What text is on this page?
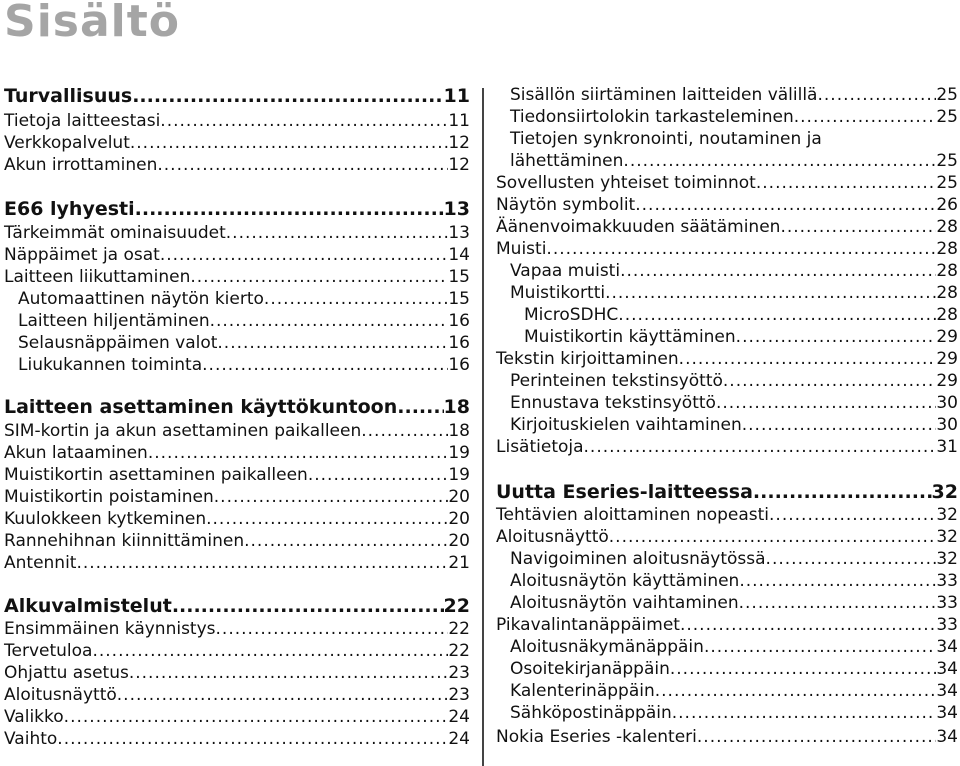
Sisältö
Turvallisuus .....	11
Tietoja laitteestasi .....	11
Verkkopalvelut .....	12
Akun irrottaminen .....	12
E66 lyhyesti .....	13
Tärkeimmät ominaisuudet .....	13
Näppäimet ja osat .....	14
Laitteen liikuttaminen .....	15
Automaattinen näytön kierto .....	15
Laitteen hiljentäminen .....	16
Selausnäppäimen valot .....	16
Liukukannen toiminta .....	16
Laitteen asettaminen käyttökuntoon ..... 18
SIM-kortin ja akun asettaminen paikalleen .....	18
Akun lataaminen .....	19
Muistikortin asettaminen paikalleen .....	19
Muistikortin poistaminen .....	20
Kuulokkeen kytkeminen .....	20
Rannehihnan kiinnittäminen .....	20
Antennit .....	21
Alkuvalmistelut .....	22
Ensimmäinen käynnistys .....	22
Tervetuloa .....	22
Ohjattu asetus .....	23
Aloitusnäyttö .....	23
Valikko .....	24
Vaihto .....	24
Sisällön siirtäminen laitteiden välillä .....	25
Tiedonsiirtolokin tarkasteleminen .....	25
Tietojen synkronointi, noutaminen ja
lähettäminen .....	25
Sovellusten yhteiset toiminnot .....	25
Näytön symbolit .....	26
Äänenvoimakkuuden säätäminen .....	28
Muisti .....	28
Vapaa muisti .....	28
Muistikortti .....	28
MicroSDHC .....	28
Muistikortin käyttäminen .....	29
Tekstin kirjoittaminen .....	29
Perinteinen tekstinsyöttö .....	29
Ennustava tekstinsyöttö .....	30
Kirjoituskielen vaihtaminen .....	30
Lisätietoja .....	31
Uutta Eseries-laitteessa .....	32
Tehtävien aloittaminen nopeasti .....	32
Aloitusnäyttö .....	32
Navigoiminen aloitusnäytössä .....	32
Aloitusnäytön käyttäminen .....	33
Aloitusnäytön vaihtaminen .....	33
Pikavalintanäppäimet .....	33
Aloitusnäkymänäppäin .....	34
Osoitekirjanäppäin .....	34
Kalenterinäppäin .....	34
Sähköpostinäppäin .....	34
Nokia Eseries -kalenteri .....	34
